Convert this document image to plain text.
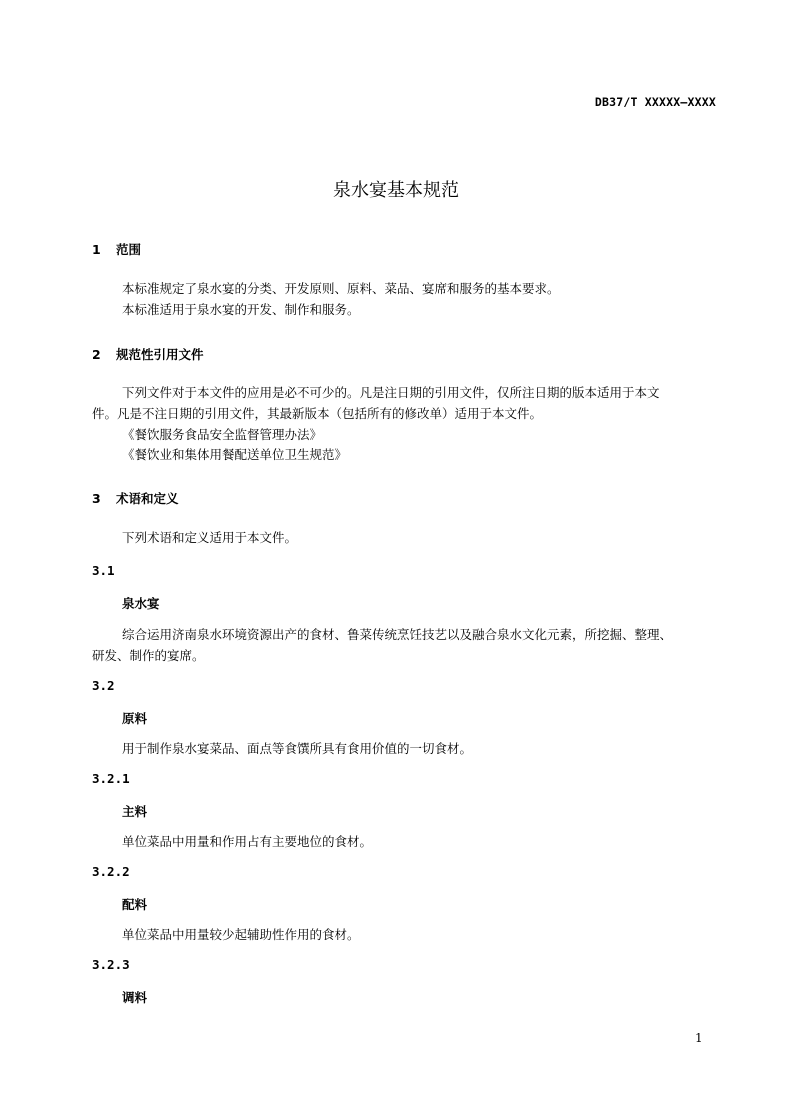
DB37/T XXXXX—XXXX
泉水宴基本规范
1 范围

本标准规定了泉水宴的分类、开发原则、原料、菜品、宴席和服务的基本要求。

本标准适用于泉水宴的开发、制作和服务。

2 规范性引用文件

下列文件对于本文件的应用是必不可少的。凡是注日期的引用文件，仅所注日期的版本适用于本文

件。凡是不注日期的引用文件，其最新版本（包括所有的修改单）适用于本文件。

《餐饮服务食品安全监督管理办法》

《餐饮业和集体用餐配送单位卫生规范》

3 术语和定义

下列术语和定义适用于本文件。

3.1
泉水宴

综合运用济南泉水环境资源出产的食材、鲁菜传统烹饪技艺以及融合泉水文化元素，所挖掘、整理、

研发、制作的宴席。

3.2
原料

用于制作泉水宴菜品、面点等食馔所具有食用价值的一切食材。

3.2.1
主料

单位菜品中用量和作用占有主要地位的食材。

3.2.2
配料

单位菜品中用量较少起辅助性作用的食材。

3.2.3
调料
1
